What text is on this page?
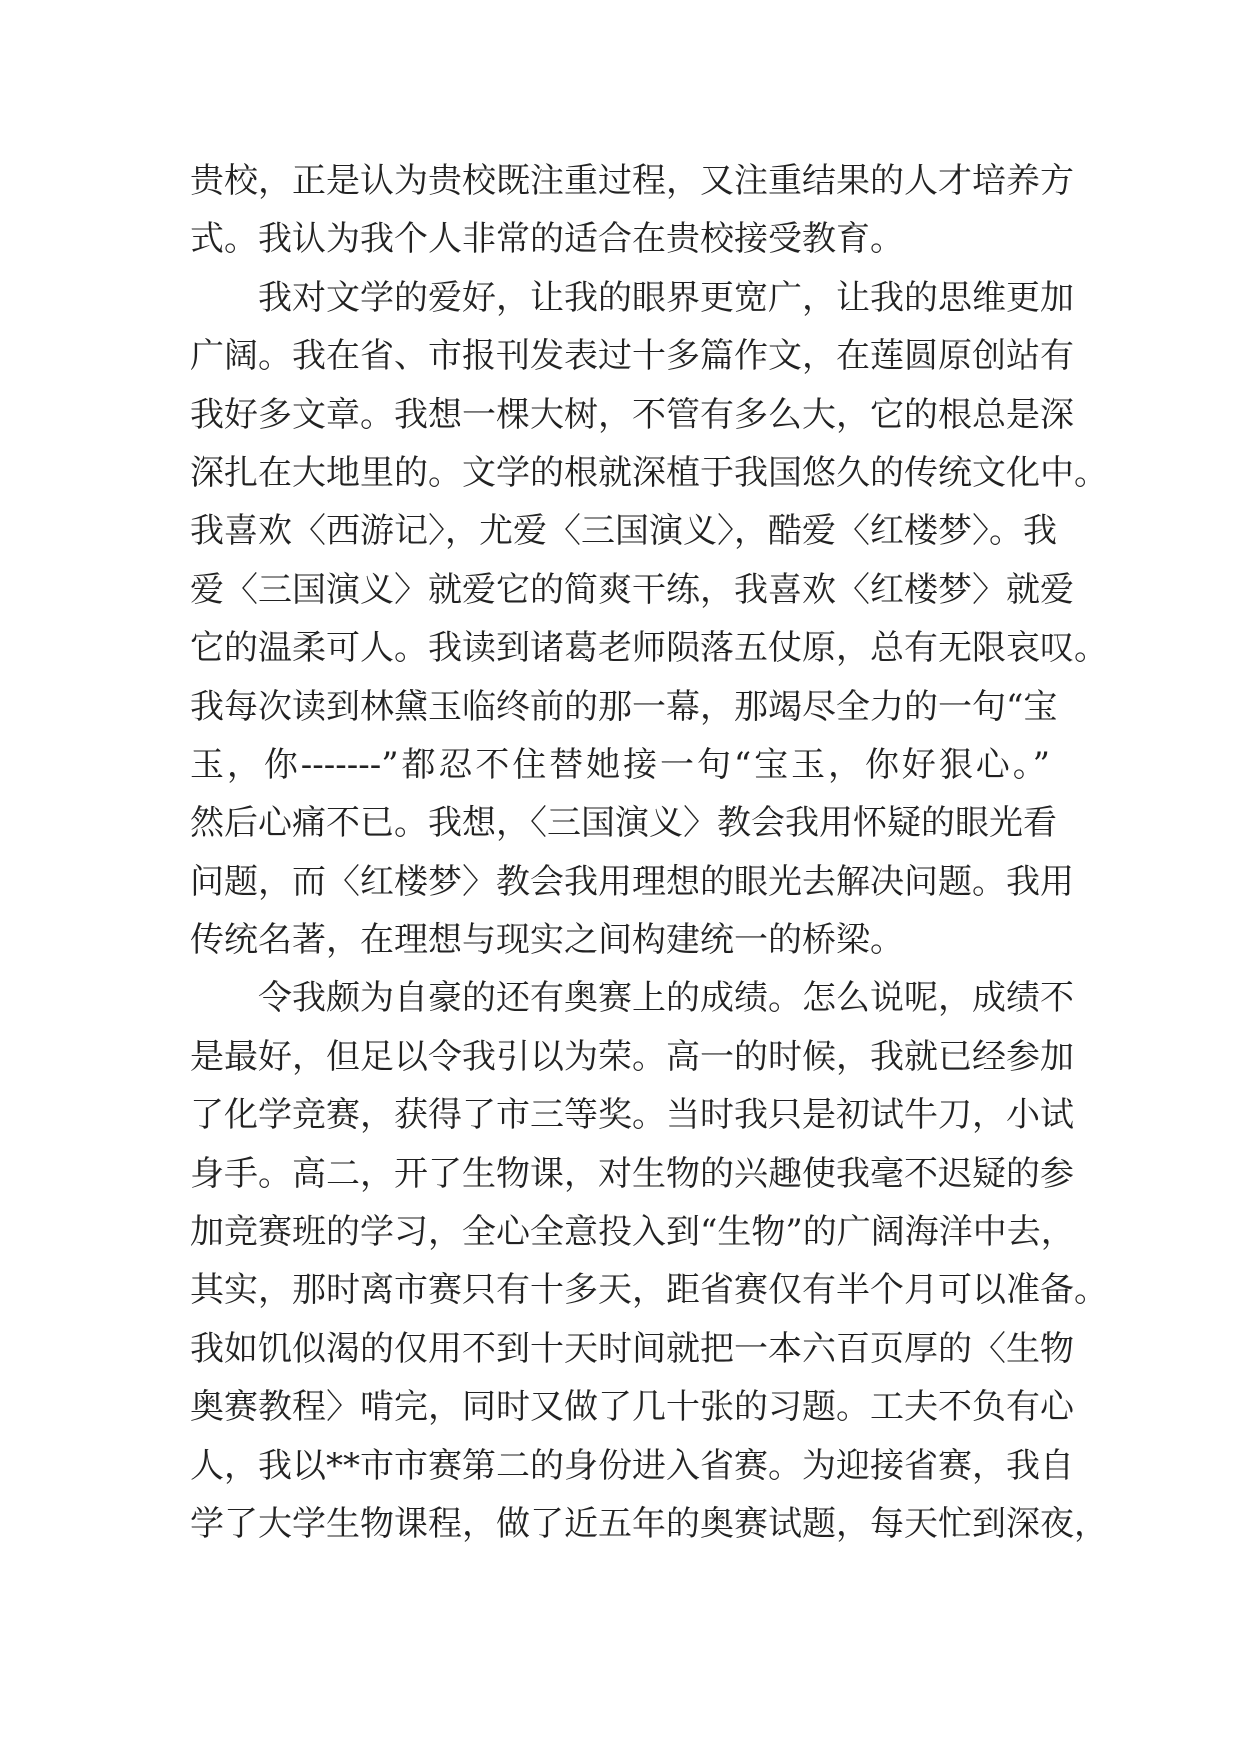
贵校，正是认为贵校既注重过程，又注重结果的人才培养方
式。我认为我个人非常的适合在贵校接受教育。
我对文学的爱好，让我的眼界更宽广，让我的思维更加
广阔。我在省、市报刊发表过十多篇作文，在莲圆原创站有
我好多文章。我想一棵大树，不管有多么大，它的根总是深
深扎在大地里的。文学的根就深植于我国悠久的传统文化中。
我喜欢〈西游记〉，尤爱〈三国演义〉，酷爱〈红楼梦〉。我
爱〈三国演义〉就爱它的简爽干练，我喜欢〈红楼梦〉就爱
它的温柔可人。我读到诸葛老师陨落五仗原，总有无限哀叹。
我每次读到林黛玉临终前的那一幕，那竭尽全力的一句“宝
玉，你-------”都忍不住替她接一句“宝玉，你好狠心。”
然后心痛不已。我想，〈三国演义〉教会我用怀疑的眼光看
问题，而〈红楼梦〉教会我用理想的眼光去解决问题。我用
传统名著，在理想与现实之间构建统一的桥梁。
令我颇为自豪的还有奥赛上的成绩。怎么说呢，成绩不
是最好，但足以令我引以为荣。高一的时候，我就已经参加
了化学竞赛，获得了市三等奖。当时我只是初试牛刀，小试
身手。高二，开了生物课，对生物的兴趣使我毫不迟疑的参
加竞赛班的学习，全心全意投入到“生物”的广阔海洋中去，
其实，那时离市赛只有十多天，距省赛仅有半个月可以准备。
我如饥似渴的仅用不到十天时间就把一本六百页厚的〈生物
奥赛教程〉啃完，同时又做了几十张的习题。工夫不负有心
人，我以**市市赛第二的身份进入省赛。为迎接省赛，我自
学了大学生物课程，做了近五年的奥赛试题，每天忙到深夜，
